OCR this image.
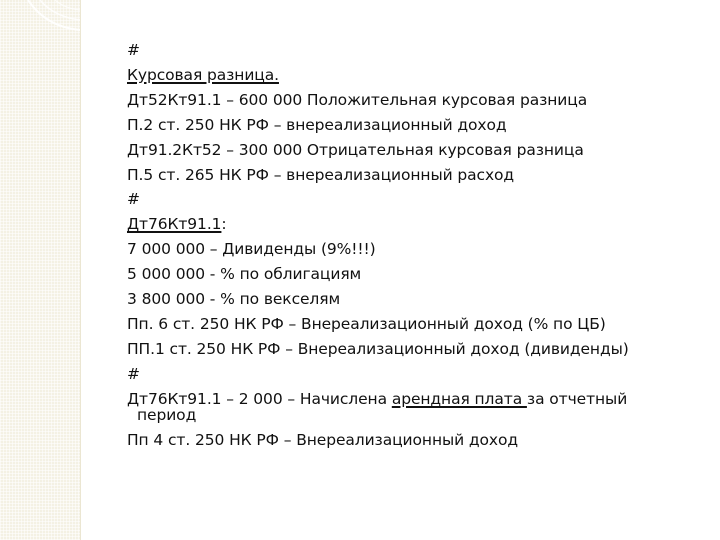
#
Курсовая разница.
Дт52Кт91.1 – 600 000 Положительная курсовая разница
П.2 ст. 250 НК РФ – внереализационный доход
Дт91.2Кт52 – 300 000 Отрицательная курсовая разница
П.5 ст. 265 НК РФ – внереализационный расход
#
Дт76Кт91.1:
7 000 000 – Дивиденды (9%!!!)
5 000 000 - % по облигациям
3 800 000 - % по векселям
Пп. 6 ст. 250 НК РФ – Внереализационный доход (% по ЦБ)
ПП.1 ст. 250 НК РФ – Внереализационный доход (дивиденды)
#
Дт76Кт91.1 – 2 000 – Начислена арендная плата за отчетный
период
Пп 4 ст. 250 НК РФ – Внереализационный доход
